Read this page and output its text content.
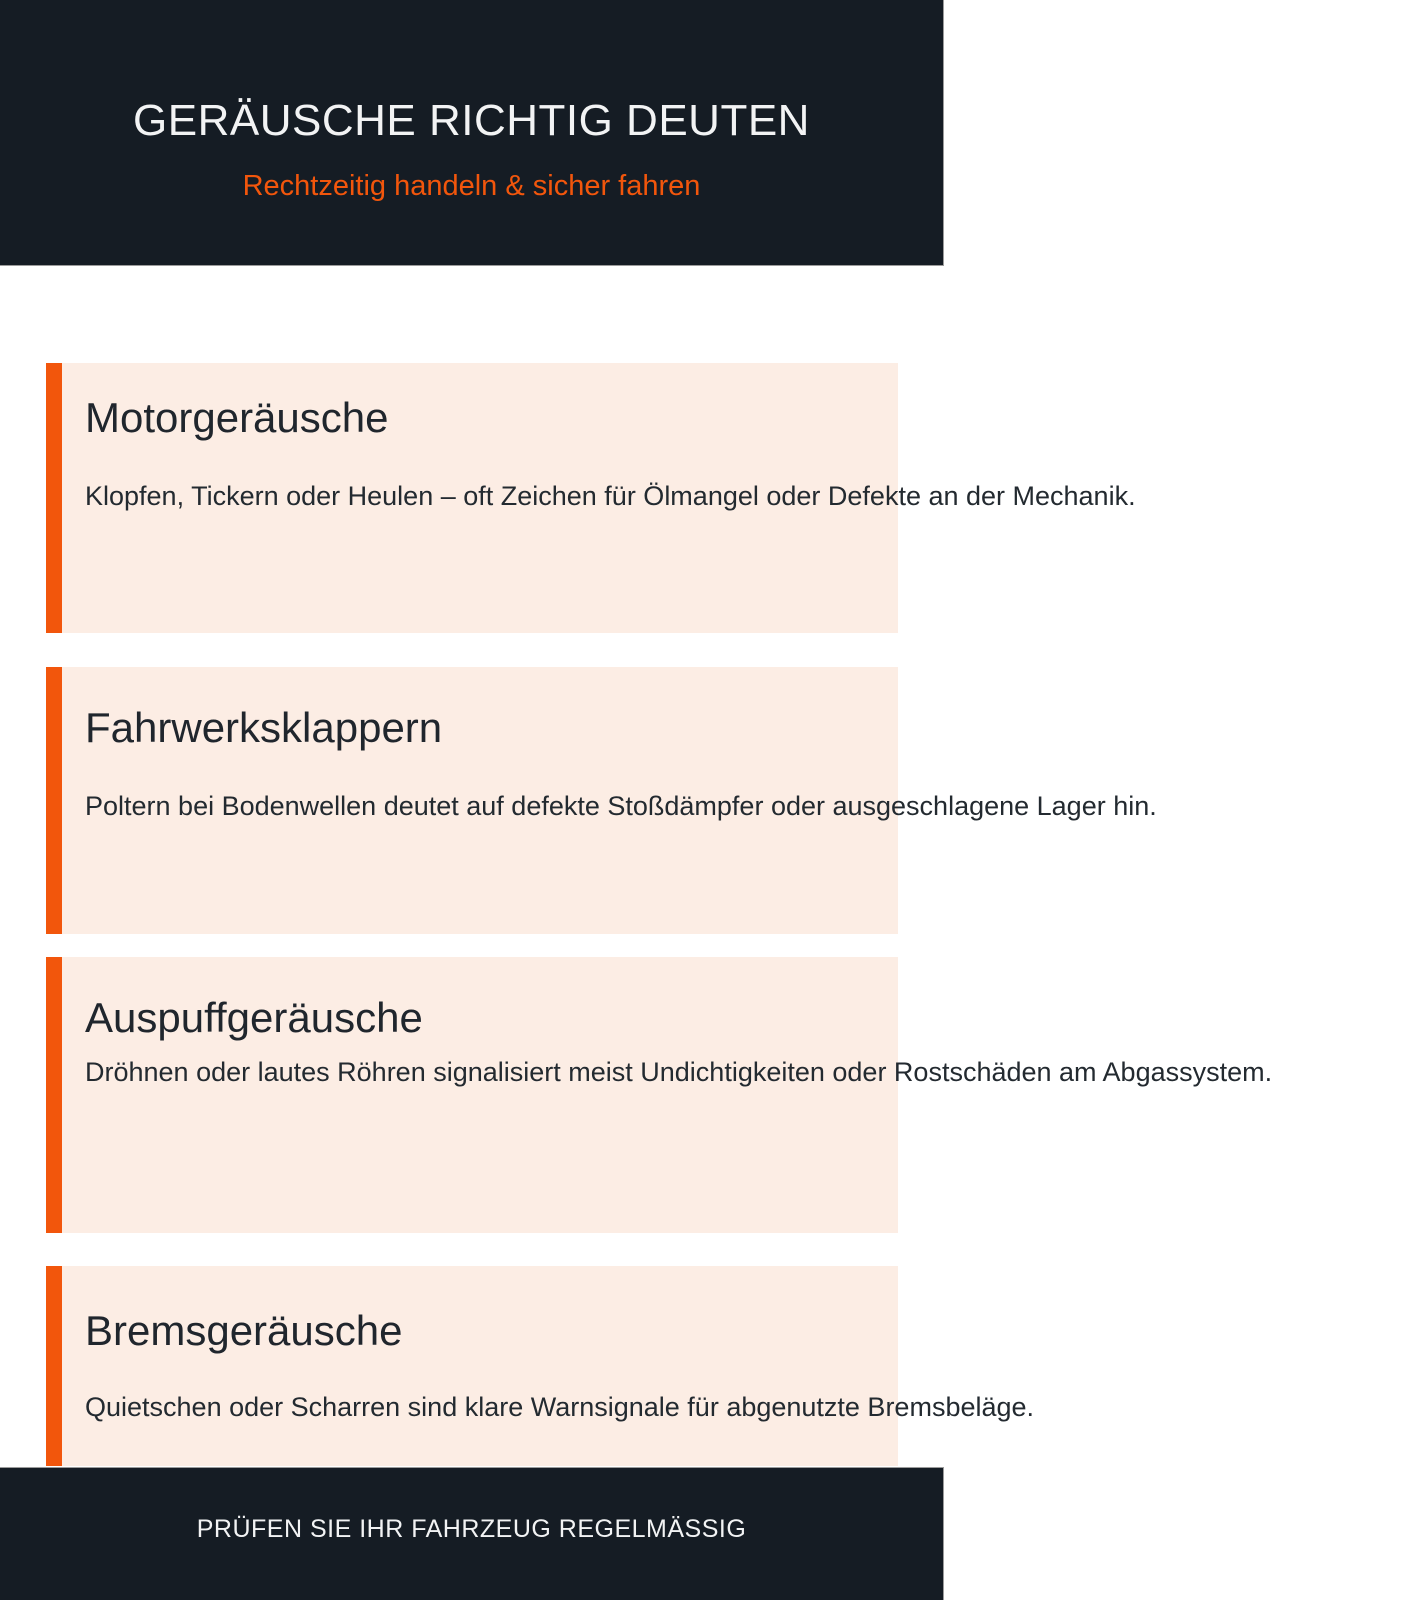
GERÄUSCHE RICHTIG DEUTEN
Rechtzeitig handeln & sicher fahren
Motorgeräusche

Klopfen, Tickern oder Heulen – oft Zeichen für Ölmangel oder Defekte an der Mechanik.

Fahrwerksklappern

Poltern bei Bodenwellen deutet auf defekte Stoßdämpfer oder ausgeschlagene Lager hin.

Auspuffgeräusche

Dröhnen oder lautes Röhren signalisiert meist Undichtigkeiten oder Rostschäden am Abgassystem.

Bremsgeräusche

Quietschen oder Scharren sind klare Warnsignale für abgenutzte Bremsbeläge.

PRÜFEN SIE IHR FAHRZEUG REGELMÄSSIG
